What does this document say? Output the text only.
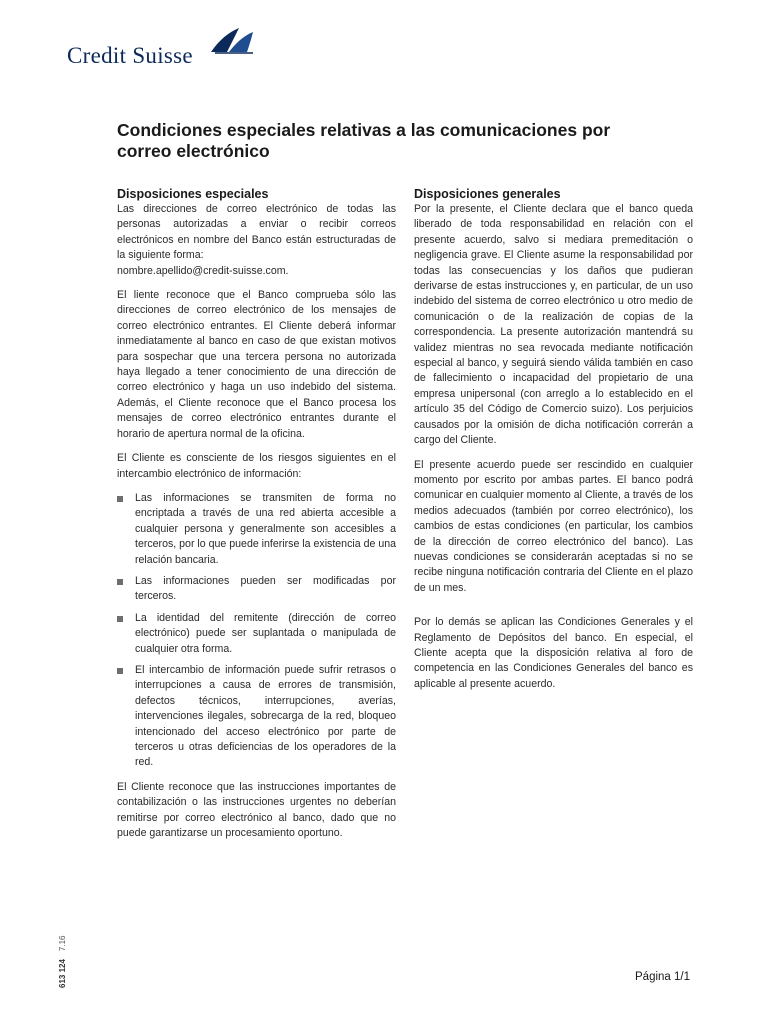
Credit Suisse
Condiciones especiales relativas a las comunicaciones por correo electrónico
Disposiciones especiales

Las direcciones de correo electrónico de todas las personas autorizadas a enviar o recibir correos electrónicos en nombre del Banco están estructuradas de la siguiente forma:

nombre.apellido@credit-suisse.com.

El liente reconoce que el Banco comprueba sólo las direcciones de correo electrónico de los mensajes de correo electrónico entrantes. El Cliente deberá informar inmediatamente al banco en caso de que existan motivos para sospechar que una tercera persona no autorizada haya llegado a tener conocimiento de una dirección de correo electrónico y haga un uso indebido del sistema. Además, el Cliente reconoce que el Banco procesa los mensajes de correo electrónico entrantes durante el horario de apertura normal de la oficina.

El Cliente es consciente de los riesgos siguientes en el intercambio electrónico de información:

Las informaciones se transmiten de forma no encriptada a través de una red abierta accesible a cualquier persona y generalmente son accesibles a terceros, por lo que puede inferirse la existencia de una relación bancaria.
Las informaciones pueden ser modificadas por terceros.
La identidad del remitente (dirección de correo electrónico) puede ser suplantada o manipulada de cualquier otra forma.
El intercambio de información puede sufrir retrasos o interrupciones a causa de errores de transmisión, defectos técnicos, interrupciones, averías, intervenciones ilegales, sobrecarga de la red, bloqueo intencionado del acceso electrónico por parte de terceros u otras deficiencias de los operadores de la red.

El Cliente reconoce que las instrucciones importantes de contabilización o las instrucciones urgentes no deberían remitirse por correo electrónico al banco, dado que no puede garantizarse un procesamiento oportuno.

Disposiciones generales

Por la presente, el Cliente declara que el banco queda liberado de toda responsabilidad en relación con el presente acuerdo, salvo si mediara premeditación o negligencia grave. El Cliente asume la responsabilidad por todas las consecuencias y los daños que pudieran derivarse de estas instrucciones y, en particular, de un uso indebido del sistema de correo electrónico u otro medio de comunicación o de la realización de copias de la correspondencia. La presente autorización mantendrá su validez mientras no sea revocada mediante notificación especial al banco, y seguirá siendo válida también en caso de fallecimiento o incapacidad del propietario de una empresa unipersonal (con arreglo a lo establecido en el artículo 35 del Código de Comercio suizo). Los perjuicios causados por la omisión de dicha notificación correrán a cargo del Cliente.

El presente acuerdo puede ser rescindido en cualquier momento por escrito por ambas partes. El banco podrá comunicar en cualquier momento al Cliente, a través de los medios adecuados (también por correo electrónico), los cambios de estas condiciones (en particular, los cambios de la dirección de correo electrónico del banco). Las nuevas condiciones se considerarán aceptadas si no se recibe ninguna notificación contraria del Cliente en el plazo de un mes.

Por lo demás se aplican las Condiciones Generales y el Reglamento de Depósitos del banco. En especial, el Cliente acepta que la disposición relativa al foro de competencia en las Condiciones Generales del banco es aplicable al presente acuerdo.

613 1247.16
Página 1/1
